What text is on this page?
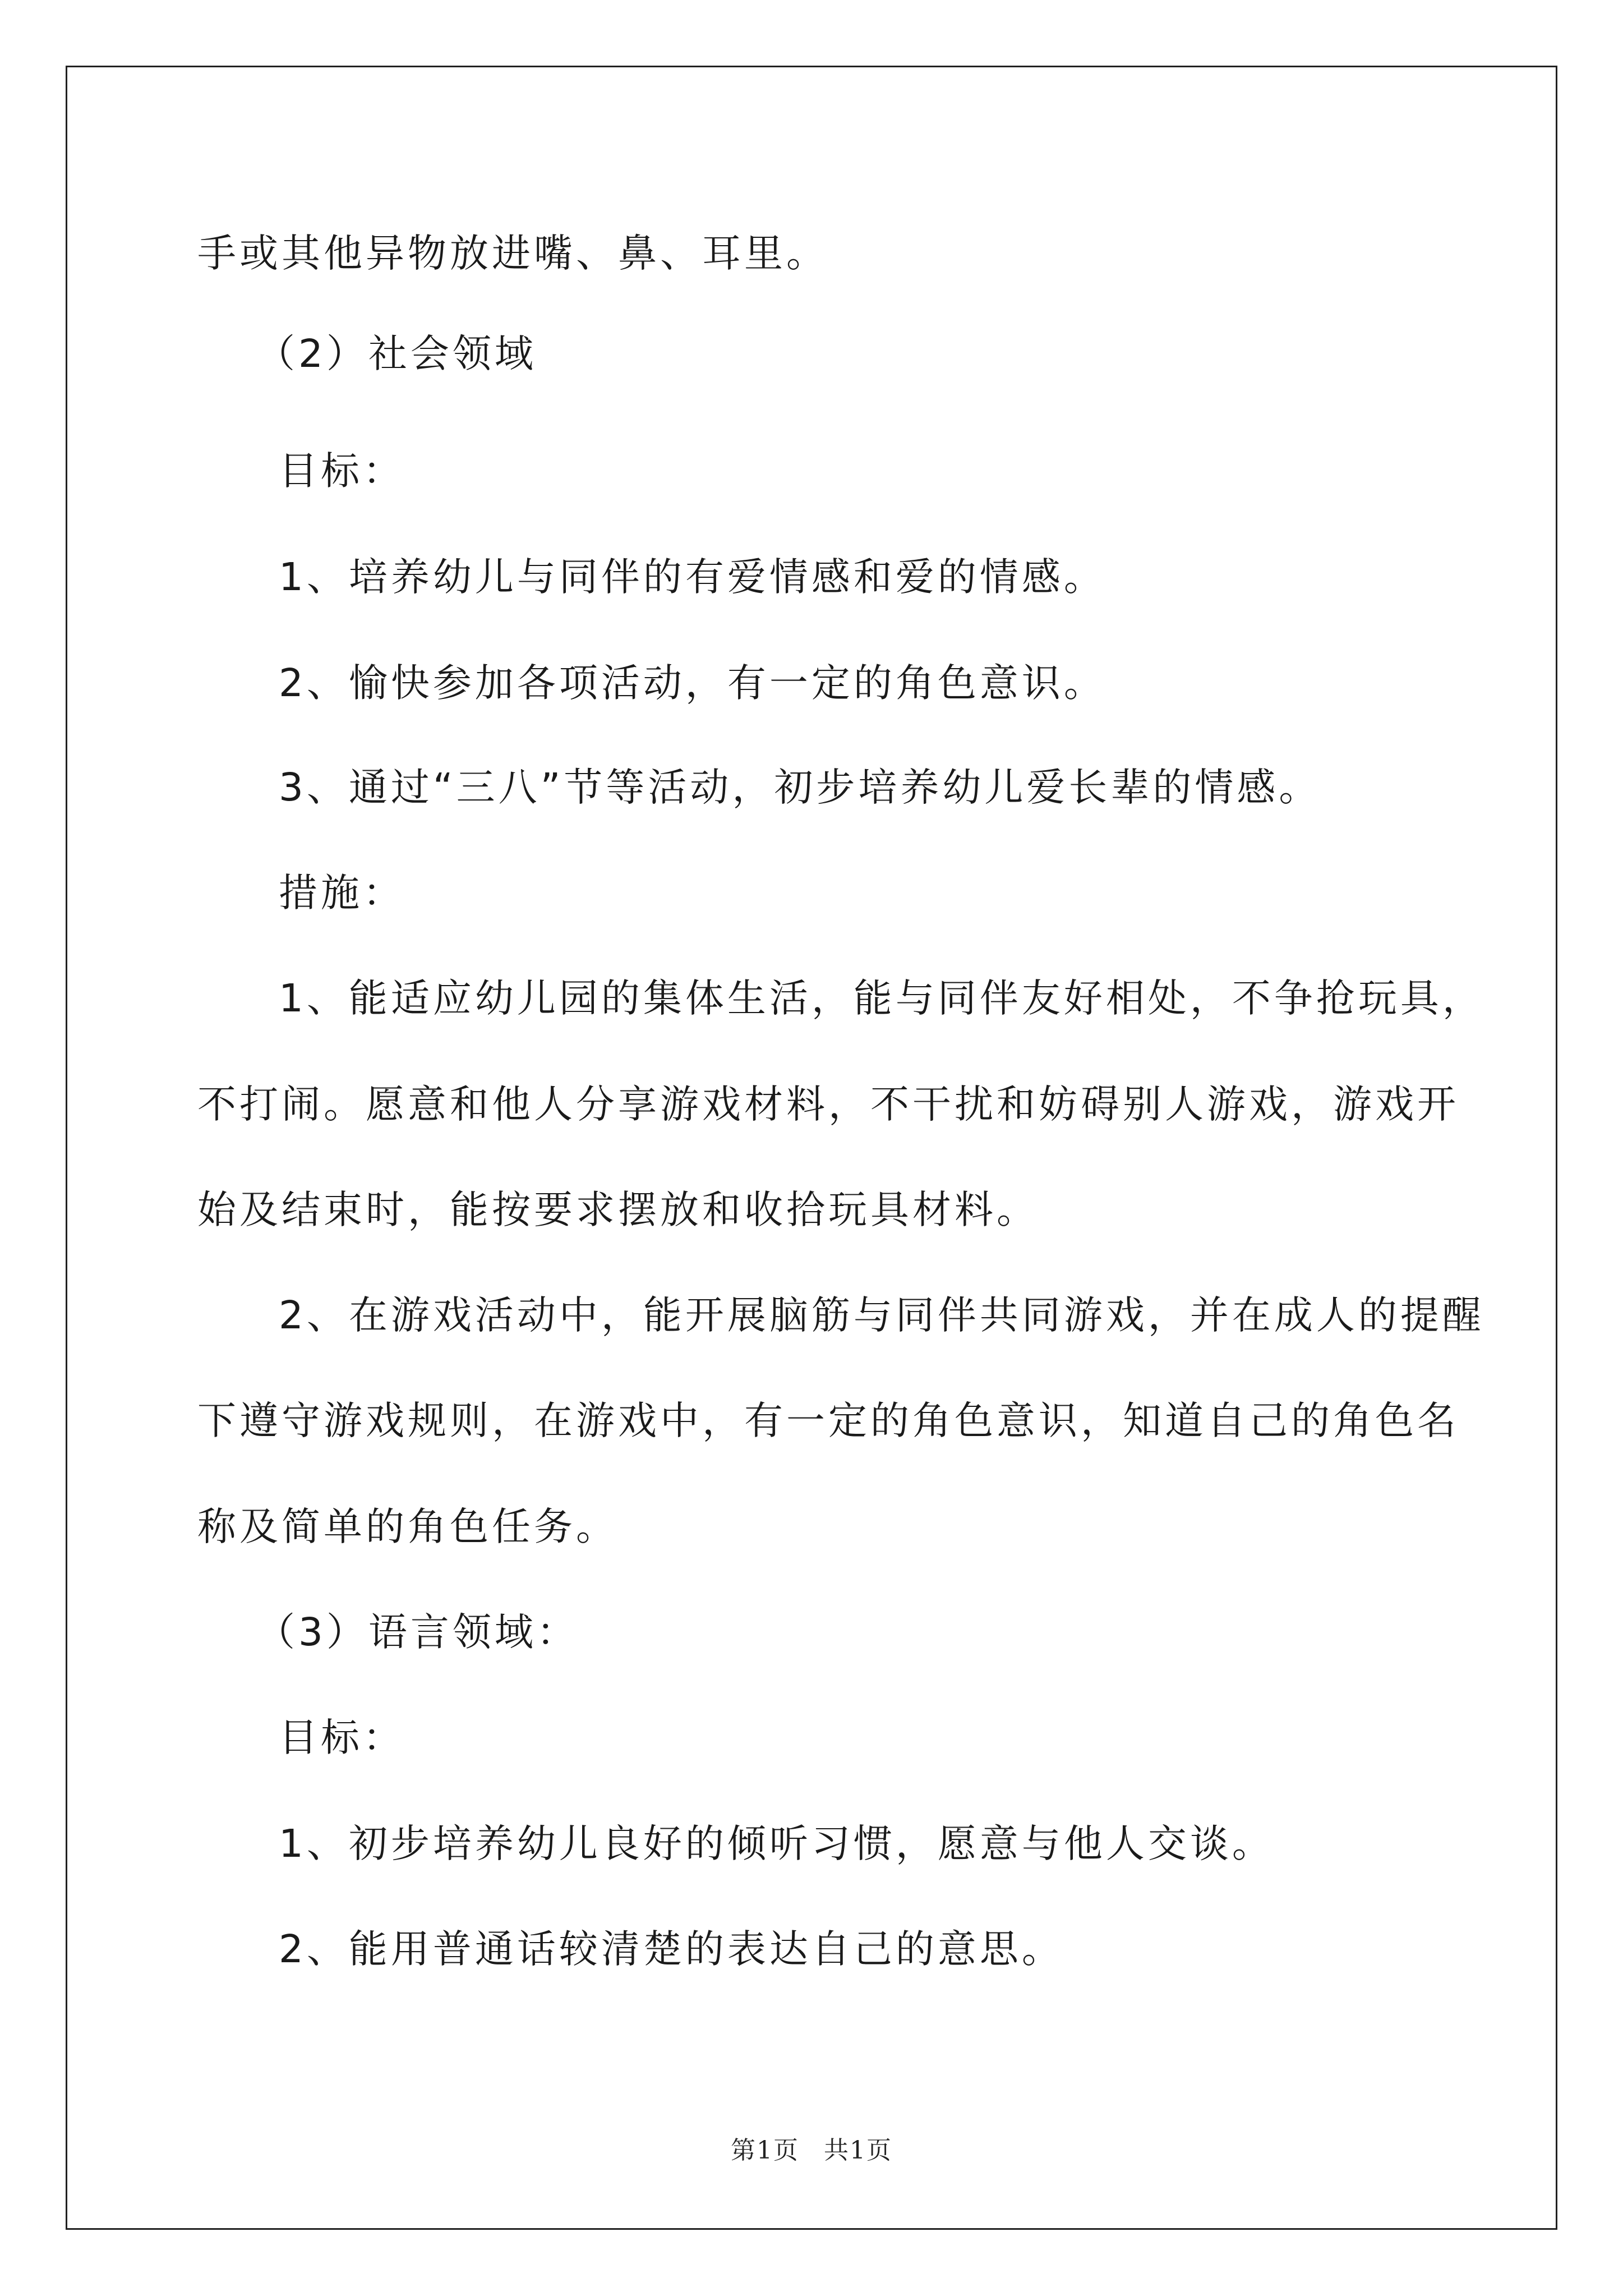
手或其他异物放进嘴、鼻、耳里。
（2）社会领域
目标：
1、培养幼儿与同伴的有爱情感和爱的情感。
2、愉快参加各项活动，有一定的角色意识。
3、通过“三八”节等活动，初步培养幼儿爱长辈的情感。
措施：
1、能适应幼儿园的集体生活，能与同伴友好相处，不争抢玩具，
不打闹。愿意和他人分享游戏材料，不干扰和妨碍别人游戏，游戏开
始及结束时，能按要求摆放和收拾玩具材料。
2、在游戏活动中，能开展脑筋与同伴共同游戏，并在成人的提醒
下遵守游戏规则，在游戏中，有一定的角色意识，知道自己的角色名
称及简单的角色任务。
（3）语言领域：
目标：
1、初步培养幼儿良好的倾听习惯，愿意与他人交谈。
2、能用普通话较清楚的表达自己的意思。
第1页 共1页
